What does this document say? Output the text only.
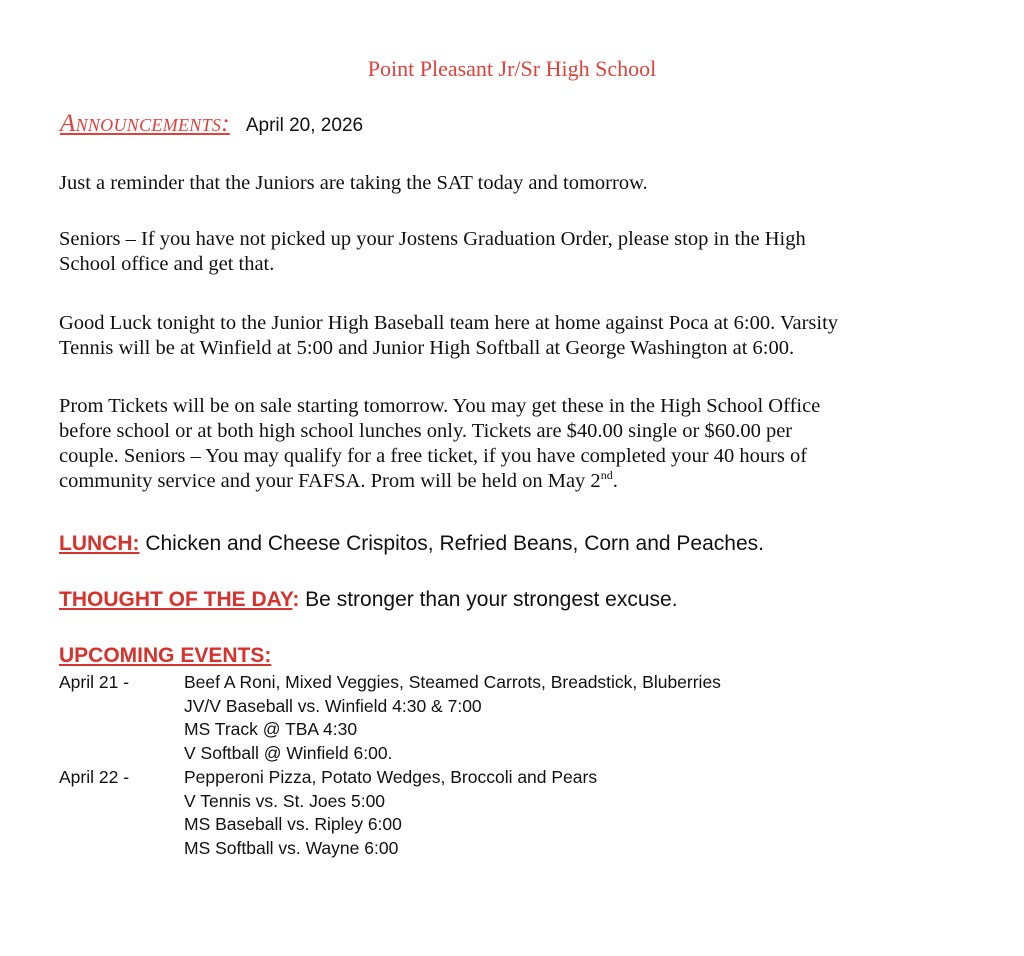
Point Pleasant Jr/Sr High School
Announcements: April 20, 2026
Just a reminder that the Juniors are taking the SAT today and tomorrow.
Seniors – If you have not picked up your Jostens Graduation Order, please stop in the High
School office and get that.
Good Luck tonight to the Junior High Baseball team here at home against Poca at 6:00. Varsity
Tennis will be at Winfield at 5:00 and Junior High Softball at George Washington at 6:00.
Prom Tickets will be on sale starting tomorrow. You may get these in the High School Office
before school or at both high school lunches only. Tickets are $40.00 single or $60.00 per
couple. Seniors – You may qualify for a free ticket, if you have completed your 40 hours of
community service and your FAFSA. Prom will be held on May 2nd.
LUNCH: Chicken and Cheese Crispitos, Refried Beans, Corn and Peaches.
THOUGHT OF THE DAY: Be stronger than your strongest excuse.
UPCOMING EVENTS:
April 21 -	Beef A Roni, Mixed Veggies, Steamed Carrots, Breadstick, Bluberries
JV/V Baseball vs. Winfield 4:30 & 7:00
MS Track @ TBA 4:30
V Softball @ Winfield 6:00.
April 22 -	Pepperoni Pizza, Potato Wedges, Broccoli and Pears
V Tennis vs. St. Joes 5:00
MS Baseball vs. Ripley 6:00
MS Softball vs. Wayne 6:00
